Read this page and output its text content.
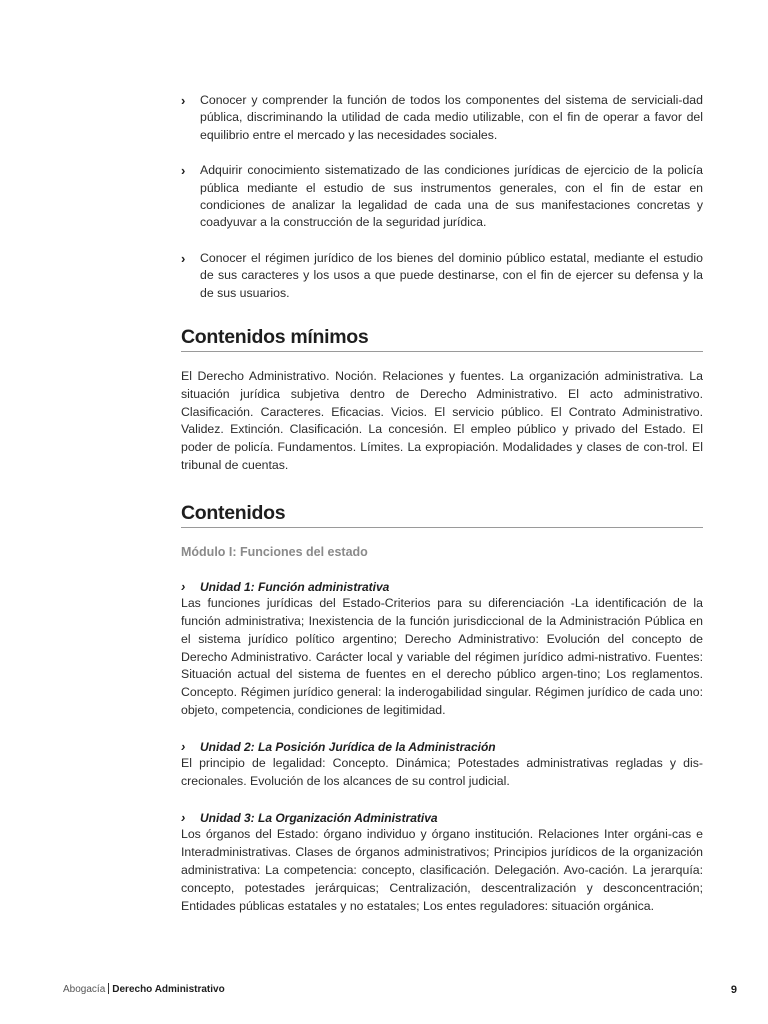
› Conocer y comprender la función de todos los componentes del sistema de serviciali-dad pública, discriminando la utilidad de cada medio utilizable, con el fin de operar a favor del equilibrio entre el mercado y las necesidades sociales.
› Adquirir conocimiento sistematizado de las condiciones jurídicas de ejercicio de la policía pública mediante el estudio de sus instrumentos generales, con el fin de estar en condiciones de analizar la legalidad de cada una de sus manifestaciones concretas y coadyuvar a la construcción de la seguridad jurídica.
› Conocer el régimen jurídico de los bienes del dominio público estatal, mediante el estudio de sus caracteres y los usos a que puede destinarse, con el fin de ejercer su defensa y la de sus usuarios.
Contenidos mínimos

El Derecho Administrativo. Noción. Relaciones y fuentes. La organización administrativa. La situación jurídica subjetiva dentro de Derecho Administrativo. El acto administrativo. Clasificación. Caracteres. Eficacias. Vicios. El servicio público. El Contrato Administrativo. Validez. Extinción. Clasificación. La concesión. El empleo público y privado del Estado. El poder de policía. Fundamentos. Límites. La expropiación. Modalidades y clases de con-trol. El tribunal de cuentas.

Contenidos
Módulo I: Funciones del estado
› Unidad 1: Función administrativa

Las funciones jurídicas del Estado-Criterios para su diferenciación -La identificación de la función administrativa; Inexistencia de la función jurisdiccional de la Administración Pública en el sistema jurídico político argentino; Derecho Administrativo: Evolución del concepto de Derecho Administrativo. Carácter local y variable del régimen jurídico admi-nistrativo. Fuentes: Situación actual del sistema de fuentes en el derecho público argen-tino; Los reglamentos. Concepto. Régimen jurídico general: la inderogabilidad singular. Régimen jurídico de cada uno: objeto, competencia, condiciones de legitimidad.

› Unidad 2: La Posición Jurídica de la Administración

El principio de legalidad: Concepto. Dinámica; Potestades administrativas regladas y dis-crecionales. Evolución de los alcances de su control judicial.

› Unidad 3: La Organización Administrativa

Los órganos del Estado: órgano individuo y órgano institución. Relaciones Inter orgáni-cas e Interadministrativas. Clases de órganos administrativos; Principios jurídicos de la organización administrativa: La competencia: concepto, clasificación. Delegación. Avo-cación. La jerarquía: concepto, potestades jerárquicas; Centralización, descentralización y desconcentración; Entidades públicas estatales y no estatales; Los entes reguladores: situación orgánica.

Abogacía Derecho Administrativo	9
